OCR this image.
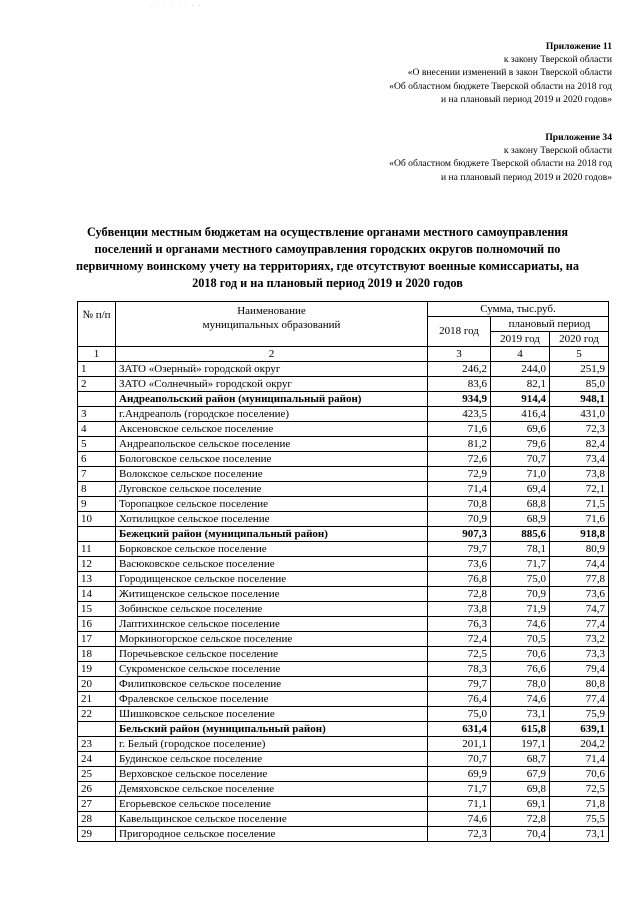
. . . . . . . .
Приложение 11
к закону Тверской области
«О внесении изменений в закон Тверской области
«Об областном бюджете Тверской области на 2018 год
и на плановый период 2019 и 2020 годов»
Приложение 34
к закону Тверской области
«Об областном бюджете Тверской области на 2018 год
и на плановый период 2019 и 2020 годов»
Субвенции местным бюджетам на осуществление органами местного самоуправления
поселений и органами местного самоуправления городских округов полномочий по
первичному воинскому учету на территориях, где отсутствуют военные комиссариаты, на
2018 год и на плановый период 2019 и 2020 годов
№ п/п	Наименование
муниципальных образований	Сумма, тыс.руб.		
		2018 год	плановый период	
			2019 год	2020 год
1	2	3	4	5
1	ЗАТО «Озерный» городской округ	246,2	244,0	251,9
2	ЗАТО «Солнечный» городской округ	83,6	82,1	85,0
	Андреапольский район (муниципальный район)	934,9	914,4	948,1
3	г.Андреаполь (городское поселение)	423,5	416,4	431,0
4	Аксеновское сельское поселение	71,6	69,6	72,3
5	Андреапольское сельское поселение	81,2	79,6	82,4
6	Бологовское сельское поселение	72,6	70,7	73,4
7	Волокское сельское поселение	72,9	71,0	73,8
8	Луговское сельское поселение	71,4	69,4	72,1
9	Торопацкое сельское поселение	70,8	68,8	71,5
10	Хотилицкое сельское поселение	70,9	68,9	71,6
	Бежецкий район (муниципальный район)	907,3	885,6	918,8
11	Борковское сельское поселение	79,7	78,1	80,9
12	Васюковское сельское поселение	73,6	71,7	74,4
13	Городищенское сельское поселение	76,8	75,0	77,8
14	Житищенское сельское поселение	72,8	70,9	73,6
15	Зобинское сельское поселение	73,8	71,9	74,7
16	Лаптихинское сельское поселение	76,3	74,6	77,4
17	Моркиногорское сельское поселение	72,4	70,5	73,2
18	Поречьевское сельское поселение	72,5	70,6	73,3
19	Сукроменское сельское поселение	78,3	76,6	79,4
20	Филипковское сельское поселение	79,7	78,0	80,8
21	Фралевское сельское поселение	76,4	74,6	77,4
22	Шишковское сельское поселение	75,0	73,1	75,9
	Бельский район (муниципальный район)	631,4	615,8	639,1
23	г. Белый (городское поселение)	201,1	197,1	204,2
24	Будинское сельское поселение	70,7	68,7	71,4
25	Верховское сельское поселение	69,9	67,9	70,6
26	Демяховское сельское поселение	71,7	69,8	72,5
27	Егорьевское сельское поселение	71,1	69,1	71,8
28	Кавельщинское сельское поселение	74,6	72,8	75,5
29	Пригородное сельское поселение	72,3	70,4	73,1
